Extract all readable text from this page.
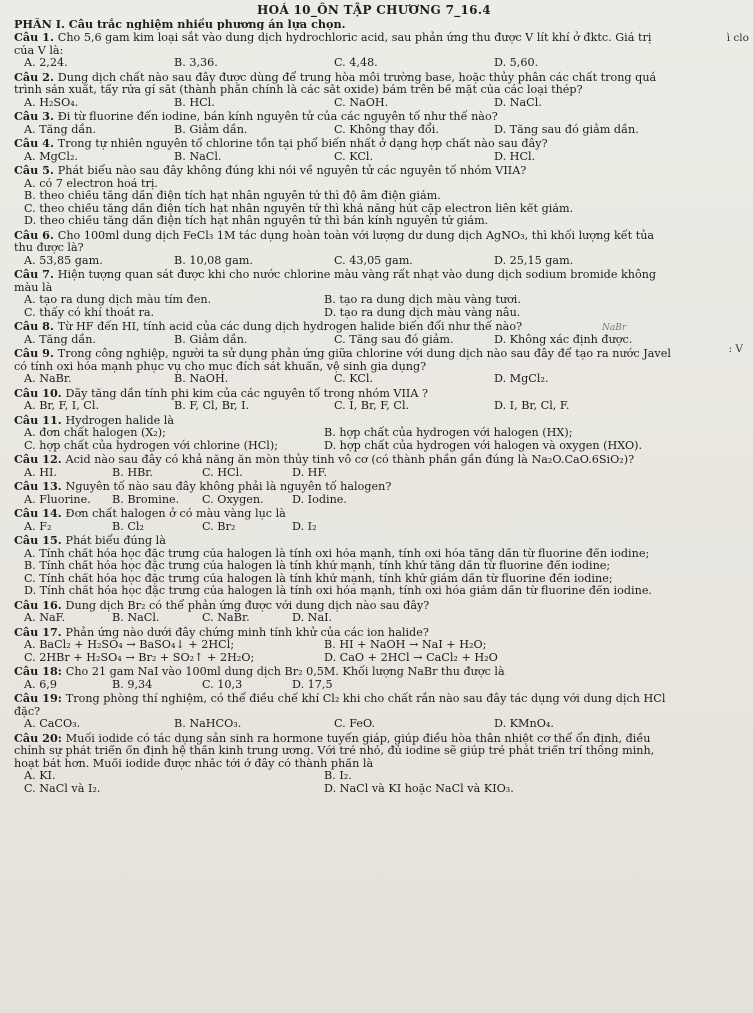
HOÁ 10_ÔN TẬP CHƯƠNG 7_16.4
PHẦN I. Câu trắc nghiệm nhiều phương án lựa chọn.
Câu 1. Cho 5,6 gam kim loại sắt vào dung dịch hydrochloric acid, sau phản ứng thu được V lít khí ở đktc. Giá trị
của V là:
A. 2,24.	B. 3,36.	C. 4,48.	D. 5,60.
Câu 2. Dung dịch chất nào sau đây được dùng để trung hòa môi trường base, hoặc thủy phân các chất trong quá
trình sản xuất, tẩy rửa gỉ sắt (thành phần chính là các sắt oxide) bám trên bề mặt của các loại thép?
A. H₂SO₄.	B. HCl.	C. NaOH.	D. NaCl.
Câu 3. Đi từ fluorine đến iodine, bán kính nguyên tử của các nguyên tố như thế nào?
A. Tăng dần.	B. Giảm dần.	C. Không thay đổi.	D. Tăng sau đó giảm dần.
Câu 4. Trong tự nhiên nguyên tố chlorine tồn tại phổ biến nhất ở dạng hợp chất nào sau đây?
A. MgCl₂.	B. NaCl.	C. KCl.	D. HCl.
Câu 5. Phát biểu nào sau đây không đúng khi nói về nguyên tử các nguyên tố nhóm VIIA?
A. có 7 electron hoá trị.
B. theo chiều tăng dần điện tích hạt nhân nguyên tử thì độ âm điện giảm.
C. theo chiều tăng dần điện tích hạt nhân nguyên tử thì khả năng hút cặp electron liên kết giảm.
D. theo chiều tăng dần điện tích hạt nhân nguyên tử thì bán kính nguyên tử giảm.
Câu 6. Cho 100ml dung dịch FeCl₃ 1M tác dụng hoàn toàn với lượng dư dung dịch AgNO₃, thì khối lượng kết tủa
thu được là?
A. 53,85 gam.	B. 10,08 gam.	C. 43,05 gam.	D. 25,15 gam.
Câu 7. Hiện tượng quan sát được khi cho nước chlorine màu vàng rất nhạt vào dung dịch sodium bromide không
màu là
A. tạo ra dung dịch màu tím đen.	B. tạo ra dung dịch màu vàng tươi.
C. thấy có khí thoát ra.	D. tạo ra dung dịch màu vàng nâu.
Câu 8. Từ HF đến HI, tính acid của các dung dịch hydrogen halide biến đổi như thế nào?
A. Tăng dần.	B. Giảm dần.	C. Tăng sau đó giảm.	D. Không xác định được.
Câu 9. Trong công nghiệp, người ta sử dụng phản ứng giữa chlorine với dung dịch nào sau đây để tạo ra nước Javel
có tính oxi hóa mạnh phục vụ cho mục đích sát khuẩn, vệ sinh gia dụng?
A. NaBr.	B. NaOH.	C. KCl.	D. MgCl₂.
Câu 10. Dãy tăng dần tính phi kim của các nguyên tố trong nhóm VIIA ?
A. Br, F, I, Cl.	B. F, Cl, Br, I.	C. I, Br, F, Cl.	D. I, Br, Cl, F.
Câu 11. Hydrogen halide là
A. đơn chất halogen (X₂);	B. hợp chất của hydrogen với halogen (HX);
C. hợp chất của hydrogen với chlorine (HCl);	D. hợp chất của hydrogen với halogen và oxygen (HXO).
Câu 12. Acid nào sau đây có khả năng ăn mòn thủy tinh vô cơ (có thành phần gần đúng là Na₂O.CaO.6SiO₂)?
A. HI.	B. HBr.	C. HCl.	D. HF.
Câu 13. Nguyên tố nào sau đây không phải là nguyên tố halogen?
A. Fluorine.	B. Bromine.	C. Oxygen.	D. Iodine.
Câu 14. Đơn chất halogen ở có màu vàng lục là
A. F₂	B. Cl₂	C. Br₂	D. I₂
Câu 15. Phát biểu đúng là
A. Tính chất hóa học đặc trưng của halogen là tính oxi hóa mạnh, tính oxi hóa tăng dần từ fluorine đến iodine;
B. Tính chất hóa học đặc trưng của halogen là tính khử mạnh, tính khử tăng dần từ fluorine đến iodine;
C. Tính chất hóa học đặc trưng của halogen là tính khử mạnh, tính khử giảm dần từ fluorine đến iodine;
D. Tính chất hóa học đặc trưng của halogen là tính oxi hóa mạnh, tính oxi hóa giảm dần từ fluorine đến iodine.
Câu 16. Dung dịch Br₂ có thể phản ứng được với dung dịch nào sau đây?
A. NaF.	B. NaCl.	C. NaBr.	D. NaI.
Câu 17. Phản ứng nào dưới đây chứng minh tính khử của các ion halide?
A. BaCl₂ + H₂SO₄ → BaSO₄↓ + 2HCl;	B. HI + NaOH → NaI + H₂O;
C. 2HBr + H₂SO₄ → Br₂ + SO₂↑ + 2H₂O;	D. CaO + 2HCl → CaCl₂ + H₂O
Câu 18: Cho 21 gam NaI vào 100ml dung dịch Br₂ 0,5M. Khối lượng NaBr thu được là
A. 6,9	B. 9,34	C. 10,3	D. 17,5
Câu 19: Trong phòng thí nghiệm, có thể điều chế khí Cl₂ khi cho chất rắn nào sau đây tác dụng với dung dịch HCl
đặc?
A. CaCO₃.	B. NaHCO₃.	C. FeO.	D. KMnO₄.
Câu 20: Muối iodide có tác dụng sản sinh ra hormone tuyến giáp, giúp điều hòa thân nhiệt cơ thể ổn định, điều
chỉnh sự phát triển ổn định hệ thần kinh trung ương. Với trẻ nhỏ, đủ iodine sẽ giúp trẻ phát triển trí thông minh,
hoạt bát hơn. Muối iodide được nhắc tới ở đây có thành phần là
A. KI.	B. I₂.
C. NaCl và I₂.	D. NaCl và KI hoặc NaCl và KIO₃.
ì clo
: V
NaBr
